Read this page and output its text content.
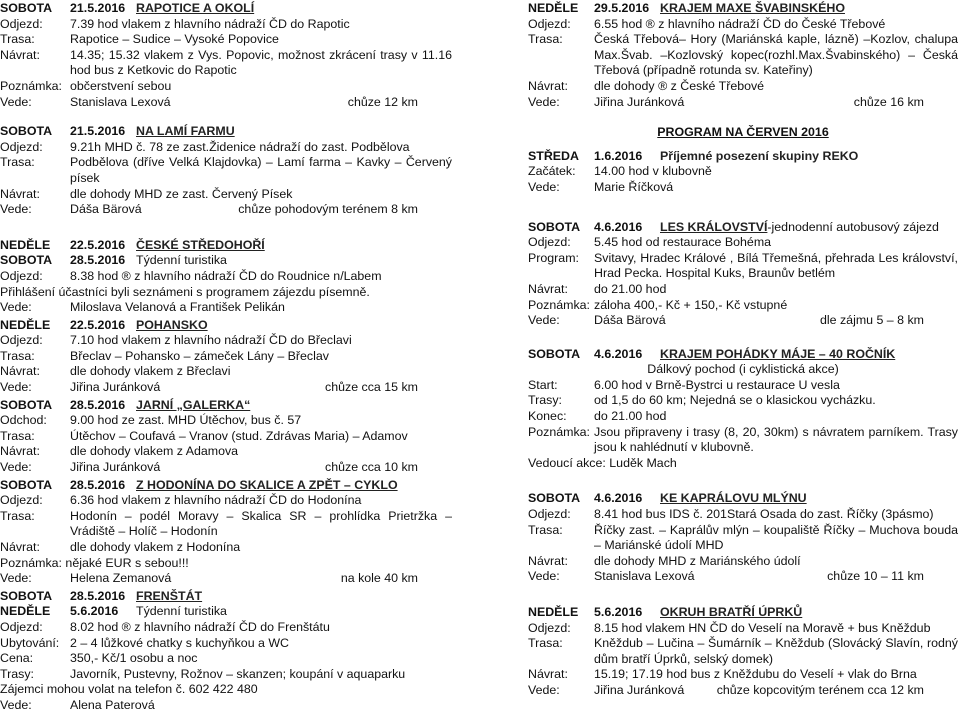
SOBOTA	21.5.2016 RAPOTICE A OKOLÍ
Odjezd:	7.39 hod vlakem z hlavního nádraží ČD do Rapotic
Trasa:	Rapotice – Sudice – Vysoké Popovice
Návrat:	14.35; 15.32 vlakem z Vys. Popovic, možnost zkrácení trasy v 11.16 hod bus z Ketkovic do Rapotic
Poznámka: občerstvení sebou
Vede:	Stanislava Lexová	chůze 12 km
SOBOTA	21.5.2016 NA LAMÍ FARMU
Odjezd:	9.21h MHD č. 78 ze zast.Židenice nádraží do zast. Podbělova
Trasa:	Podbělova (dříve Velká Klajdovka) – Lamí farma – Kavky – Červený písek
Návrat:	dle dohody MHD ze zast. Červený Písek
Vede:	Dáša Bärová	chůze pohodovým terénem 8 km
NEDĚLE	22.5.2016 ČESKÉ STŘEDOHOŘÍ
SOBOTA	28.5.2016 Týdenní turistika
Odjezd:	8.38 hod ® z hlavního nádraží ČD do Roudnice n/Labem
Přihlášení účastníci byli seznámeni s programem zájezdu písemně.
Vede:	Miloslava Velanová a František Pelikán
NEDĚLE	22.5.2016 POHANSKO
Odjezd:	7.10 hod vlakem z hlavního nádraží ČD do Břeclavi
Trasa:	Břeclav – Pohansko – zámeček Lány – Břeclav
Návrat:	dle dohody vlakem z Břeclavi
Vede:	Jiřina Juránková	chůze cca 15 km
SOBOTA	28.5.2016 JARNÍ „GALERKA“
Odchod:	9.00 hod ze zast. MHD Útěchov, bus č. 57
Trasa:	Útěchov – Coufavá – Vranov (stud. Zdrávas Maria) – Adamov
Návrat:	dle dohody vlakem z Adamova
Vede:	Jiřina Juránková	chůze cca 10 km
SOBOTA	28.5.2016 Z HODONÍNA DO SKALICE A ZPĚT – CYKLO
Odjezd:	6.36 hod vlakem z hlavního nádraží ČD do Hodonína
Trasa:	Hodonín – podél Moravy – Skalica SR – prohlídka Prietržka – Vrádiště – Holíč – Hodonín
Návrat:	dle dohody vlakem z Hodonína
Poznámka: nějaké EUR s sebou!!!
Vede:	Helena Zemanová	na kole 40 km
SOBOTA	28.5.2016 FRENŠTÁT
NEDĚLE	5.6.2016	Týdenní turistika
Odjezd:	8.02 hod ® z hlavního nádraží ČD do Frenštátu
Ubytování: 2 – 4 lůžkové chatky s kuchyňkou a WC
Cena:	350,- Kč/1 osobu a noc
Trasy:	Javorník, Pustevny, Rožnov – skanzen; koupání v aquaparku
Zájemci mohou volat na telefon č. 602 422 480
Vede:	Alena Paterová
NEDĚLE	29.5.2016 KRAJEM MAXE ŠVABINSKÉHO
Odjezd:	6.55 hod ® z hlavního nádraží ČD do České Třebové
Trasa:	Česká Třebová– Hory (Mariánská kaple, lázně) –Kozlov, chalupa Max.Švab. –Kozlovský kopec(rozhl.Max.Švabinského) – Česká Třebová (případně rotunda sv. Kateřiny)
Návrat:	dle dohody ® z České Třebové
Vede:	Jiřina Juránková	chůze 16 km
PROGRAM NA ČERVEN 2016
STŘEDA	1.6.2016	Příjemné posezení skupiny REKO
Začátek:	14.00 hod v klubovně
Vede:	Marie Říčková
SOBOTA	4.6.2016	LES KRÁLOVSTVÍ -jednodenní autobusový zájezd
Odjezd:	5.45 hod od restaurace Bohéma
Program:	Svitavy, Hradec Králové , Bílá Třemešná, přehrada Les království, Hrad Pecka. Hospital Kuks, Braunův betlém
Návrat:	do 21.00 hod
Poznámka: záloha 400,- Kč + 150,- Kč vstupné
Vede:	Dáša Bärová	dle zájmu 5 – 8 km
SOBOTA	4.6.2016	KRAJEM POHÁDKY MÁJE – 40 ROČNÍK
Dálkový pochod (i cyklistická akce)
Start:	6.00 hod v Brně-Bystrci u restaurace U vesla
Trasy:	od 1,5 do 60 km; Nejedná se o klasickou vycházku.
Konec:	do 21.00 hod
Poznámka: Jsou připraveny i trasy (8, 20, 30km) s návratem parníkem. Trasy jsou k nahlédnutí v klubovně.
Vedoucí akce: Luděk Mach
SOBOTA	4.6.2016	KE KAPRÁLOVU MLÝNU
Odjezd:	8.41 hod bus IDS č. 201Stará Osada do zast. Říčky (3pásmo)
Trasa:	Říčky zast. – Kaprálův mlýn – koupaliště Říčky – Muchova bouda – Mariánské údolí MHD
Návrat:	dle dohody MHD z Mariánského údolí
Vede:	Stanislava Lexová	chůze 10 – 11 km
NEDĚLE	5.6.2016	OKRUH BRATŘÍ ÚPRKŮ
Odjezd:	8.15 hod vlakem HN ČD do Veselí na Moravě + bus Kněždub
Trasa:	Kněždub – Lučina – Šumárník – Kněždub (Slovácký Slavín, rodný dům bratří Úprků, selský domek)
Návrat:	15.19; 17.19 hod bus z Kněždubu do Veselí + vlak do Brna
Vede:	Jiřina Juránková	chůze kopcovitým terénem cca 12 km
